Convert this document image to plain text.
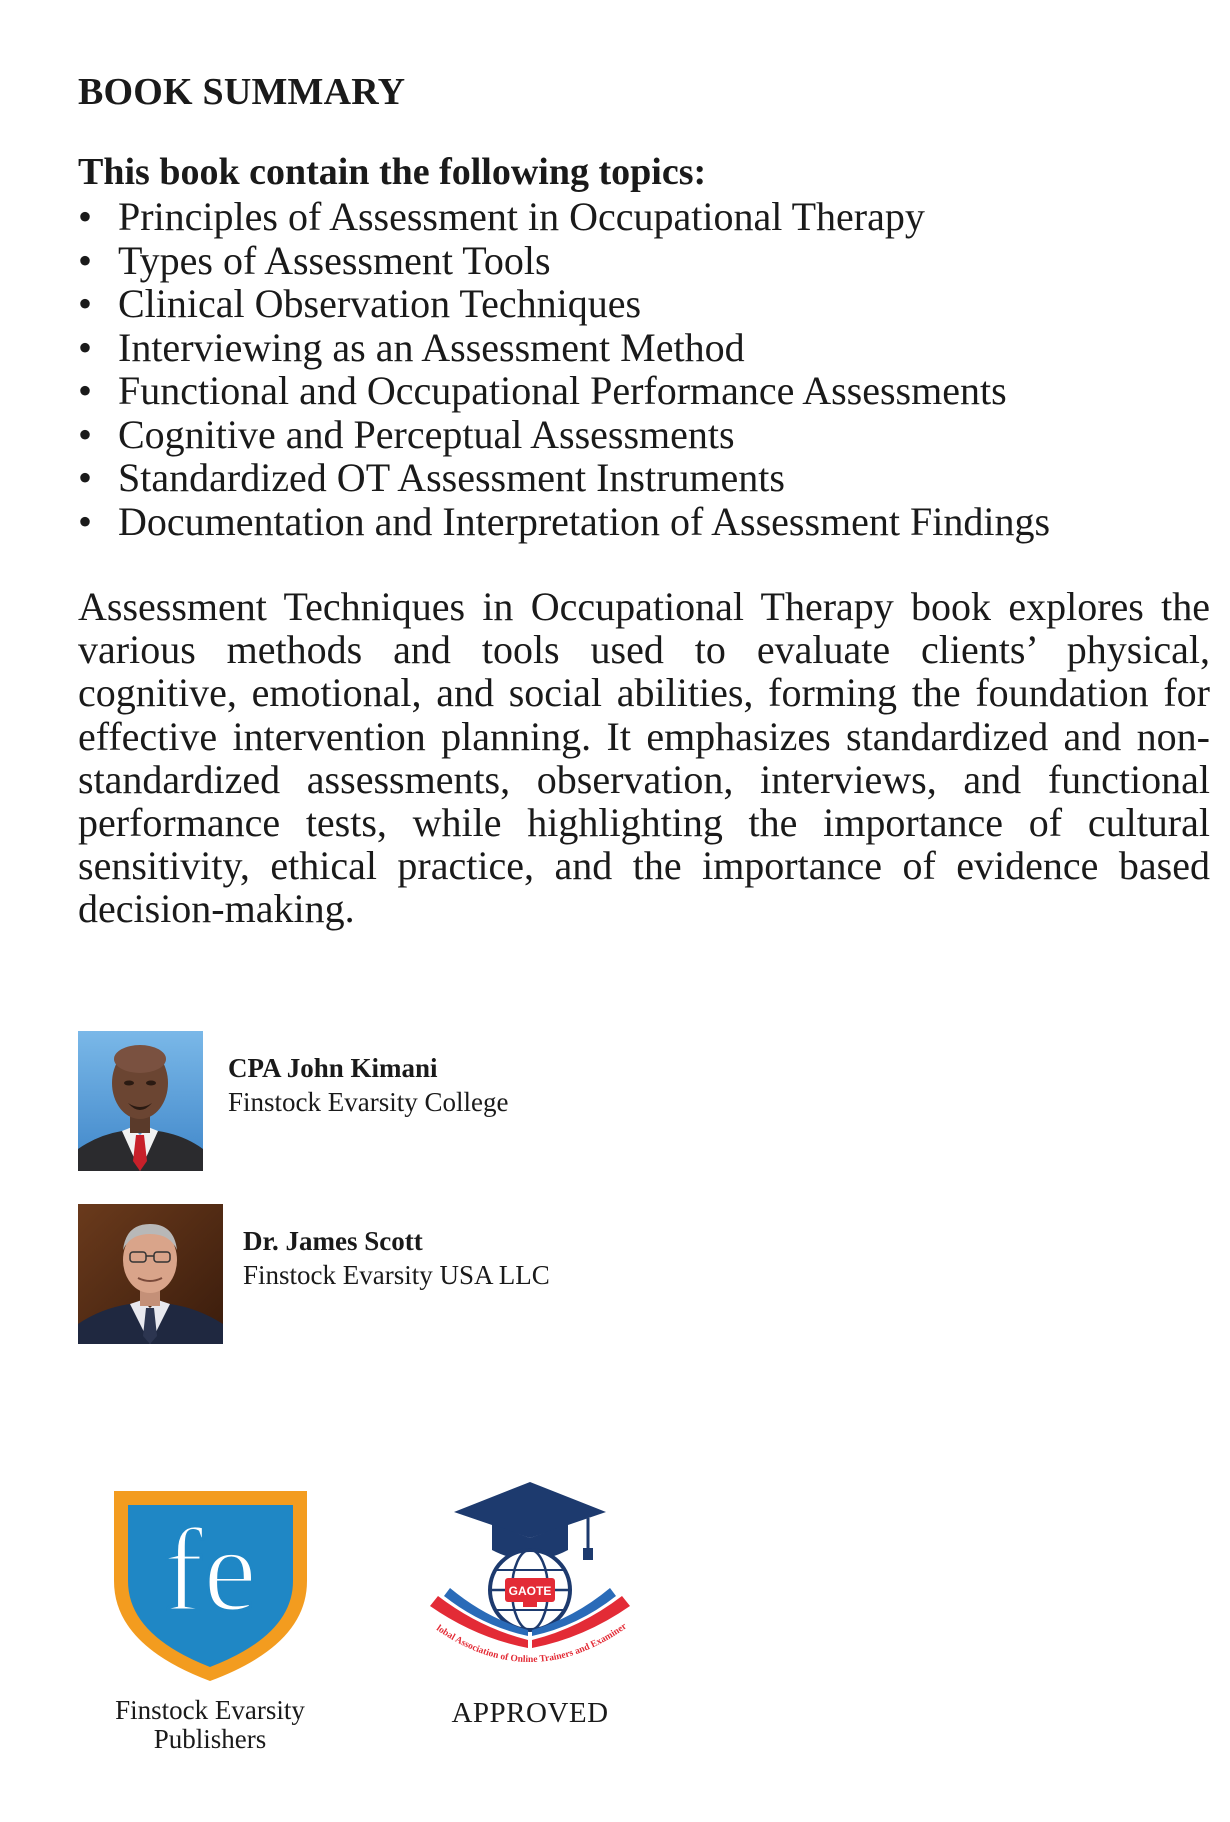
BOOK SUMMARY
This book contain the following topics:
• Principles of Assessment in Occupational Therapy
• Types of Assessment Tools
• Clinical Observation Techniques
• Interviewing as an Assessment Method
• Functional and Occupational Performance Assessments
• Cognitive and Perceptual Assessments
• Standardized OT Assessment Instruments
• Documentation and Interpretation of Assessment Findings

Assessment Techniques in Occupational Therapy book explores the various methods and tools used to evaluate clients’ physical, cognitive, emotional, and social abilities, forming the foundation for effective intervention planning. It emphasizes standardized and non-standardized assessments, observation, interviews, and functional performance tests, while highlighting the importance of cultural sensitivity, ethical practice, and the importance of evidence based decision-making.

CPA John Kimani
Finstock Evarsity College
Dr. James Scott
Finstock Evarsity USA LLC
fe
Finstock Evarsity
Publishers
GAOTE
lobal Association of Online Trainers and Examiner
APPROVED
